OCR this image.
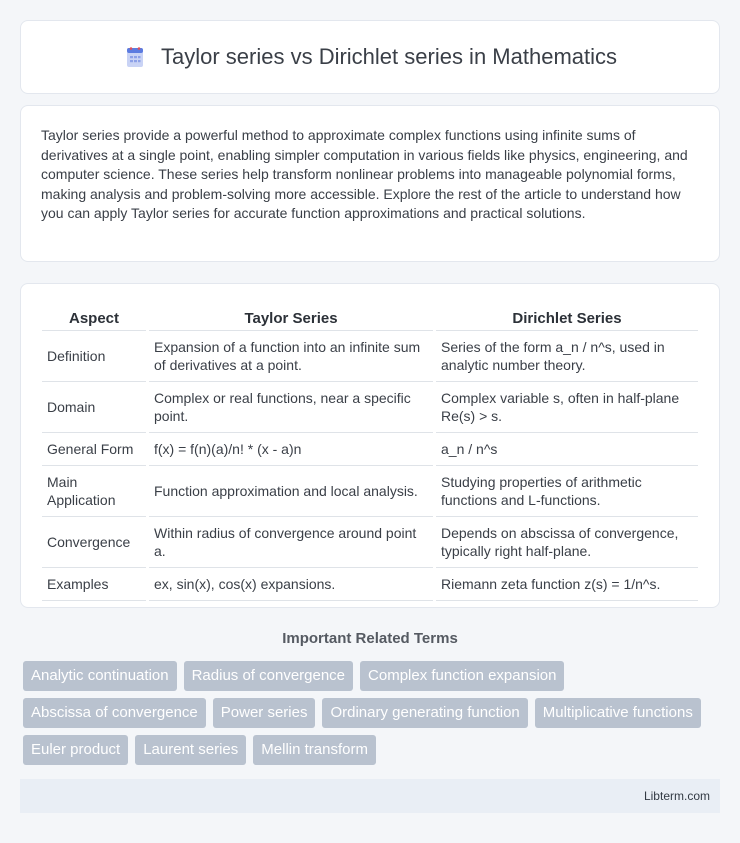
Taylor series vs Dirichlet series in Mathematics

Taylor series provide a powerful method to approximate complex functions using infinite sums of derivatives at a single point, enabling simpler computation in various fields like physics, engineering, and computer science. These series help transform nonlinear problems into manageable polynomial forms, making analysis and problem-solving more accessible. Explore the rest of the article to understand how you can apply Taylor series for accurate function approximations and practical solutions.

Aspect	Taylor Series	Dirichlet Series
Definition	Expansion of a function into an infinite sum of derivatives at a point.	Series of the form a_n / n^s, used in analytic number theory.
Domain	Complex or real functions, near a specific point.	Complex variable s, often in half-plane Re(s) > s.
General Form	f(x) = f(n)(a)/n! * (x - a)n	a_n / n^s
Main Application	Function approximation and local analysis.	Studying properties of arithmetic functions and L-functions.
Convergence	Within radius of convergence around point a.	Depends on abscissa of convergence, typically right half-plane.
Examples	ex, sin(x), cos(x) expansions.	Riemann zeta function z(s) = 1/n^s.
Important Related Terms
Analytic continuation	Radius of convergence	Complex function expansion
Abscissa of convergence	Power series	Ordinary generating function	Multiplicative functions
Euler product	Laurent series	Mellin transform
Libterm.com
